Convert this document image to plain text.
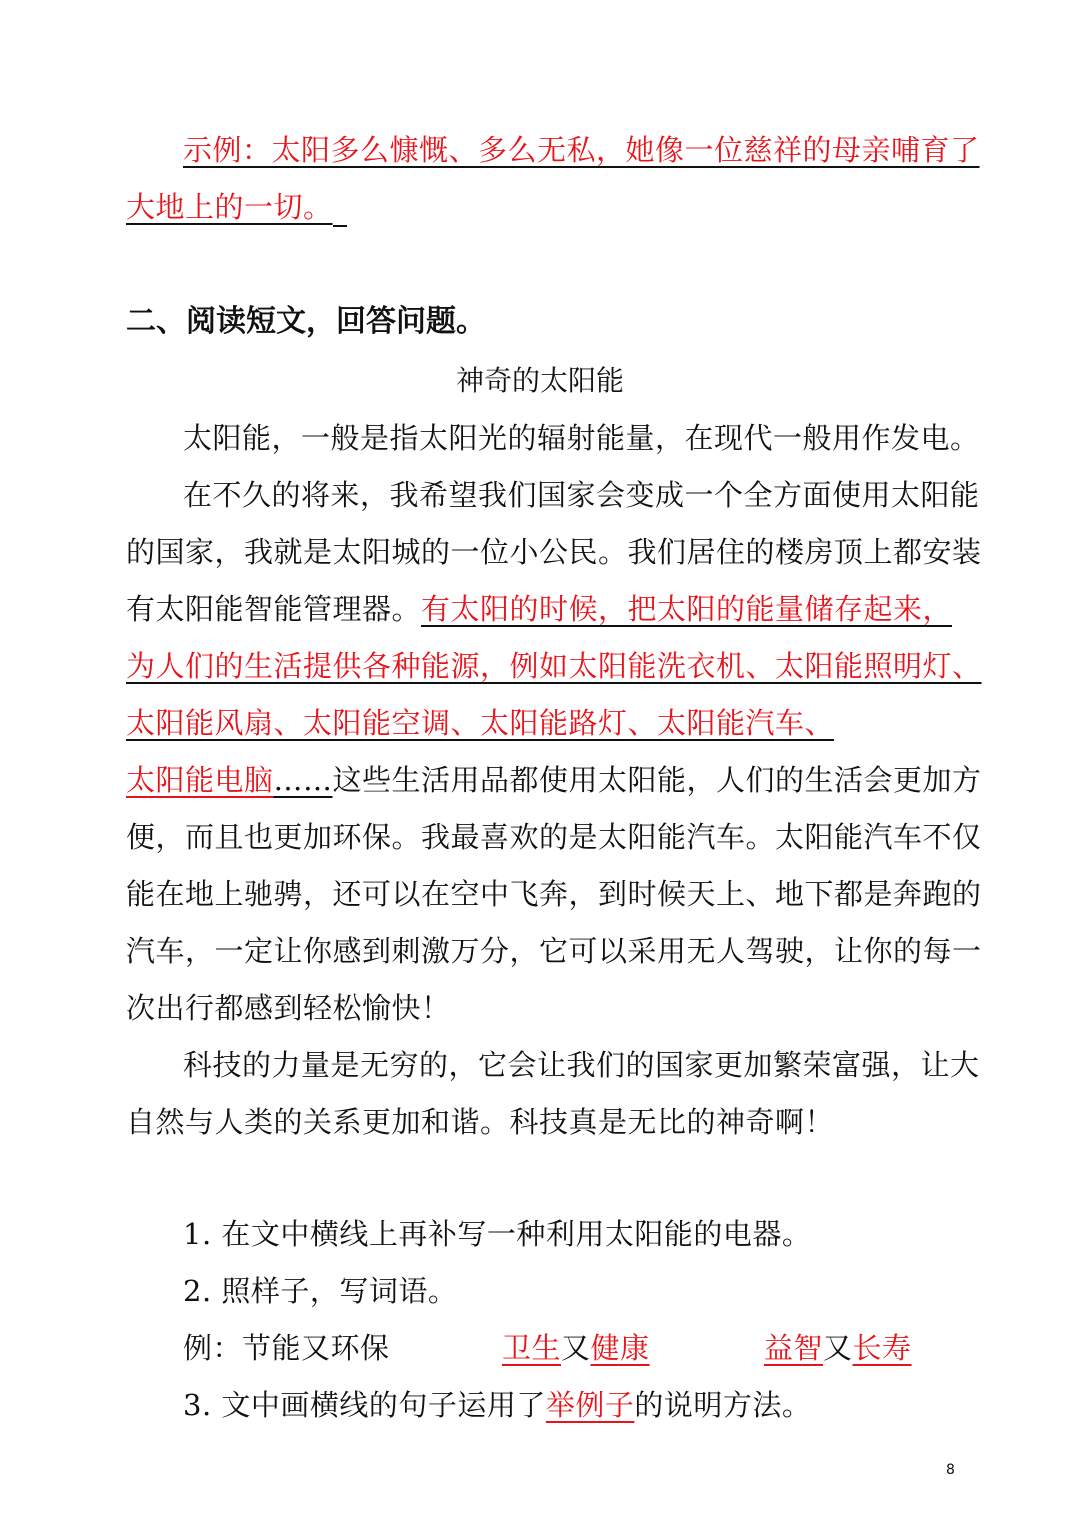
示例：太阳多么慷慨、多么无私，她像一位慈祥的母亲哺育了
大地上的一切。
二、阅读短文，回答问题。
神奇的太阳能
太阳能，一般是指太阳光的辐射能量，在现代一般用作发电。
在不久的将来，我希望我们国家会变成一个全方面使用太阳能
的国家，我就是太阳城的一位小公民。我们居住的楼房顶上都安装
有太阳能智能管理器。有太阳的时候，把太阳的能量储存起来，
为人们的生活提供各种能源，例如太阳能洗衣机、太阳能照明灯、
太阳能风扇、太阳能空调、太阳能路灯、太阳能汽车、
太阳能电脑……这些生活用品都使用太阳能，人们的生活会更加方
便，而且也更加环保。我最喜欢的是太阳能汽车。太阳能汽车不仅
能在地上驰骋，还可以在空中飞奔，到时候天上、地下都是奔跑的
汽车，一定让你感到刺激万分，它可以采用无人驾驶，让你的每一
次出行都感到轻松愉快！
科技的力量是无穷的，它会让我们的国家更加繁荣富强，让大
自然与人类的关系更加和谐。科技真是无比的神奇啊！
1. 在文中横线上再补写一种利用太阳能的电器。
2. 照样子，写词语。
例：节能又环保	卫生又健康	益智又长寿
3. 文中画横线的句子运用了举例子的说明方法。
8
